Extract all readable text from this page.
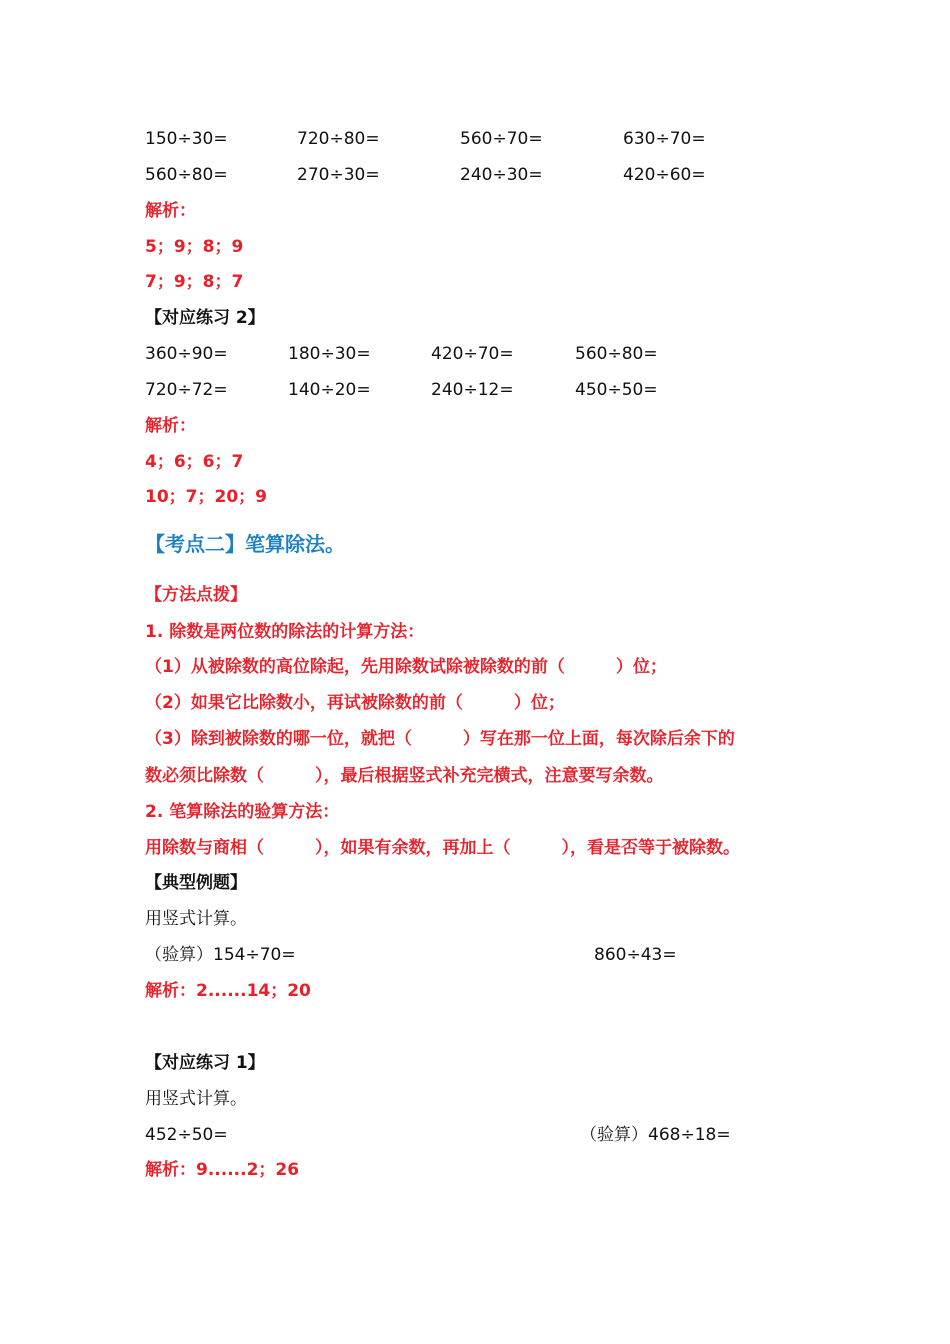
150÷30=	720÷80=	560÷70=	630÷70=
560÷80=	270÷30=	240÷30=	420÷60=
解析：
5；9；8；9
7；9；8；7
【对应练习 2】
360÷90=	180÷30=	420÷70=	560÷80=
720÷72=	140÷20=	240÷12=	450÷50=
解析：
4；6；6；7
10；7；20；9
【考点二】笔算除法。
【方法点拨】
1. 除数是两位数的除法的计算方法：
（1）从被除数的高位除起，先用除数试除被除数的前（　　　）位；
（2）如果它比除数小，再试被除数的前（　　　）位；
（3）除到被除数的哪一位，就把（　　　）写在那一位上面，每次除后余下的
数必须比除数（　　　），最后根据竖式补充完横式，注意要写余数。
2. 笔算除法的验算方法：
用除数与商相（　　　），如果有余数，再加上（　　　），看是否等于被除数。
【典型例题】
用竖式计算。
（验算）154÷70=	860÷43=
解析：2......14；20
【对应练习 1】
用竖式计算。
452÷50=	（验算）468÷18=
解析：9......2；26
